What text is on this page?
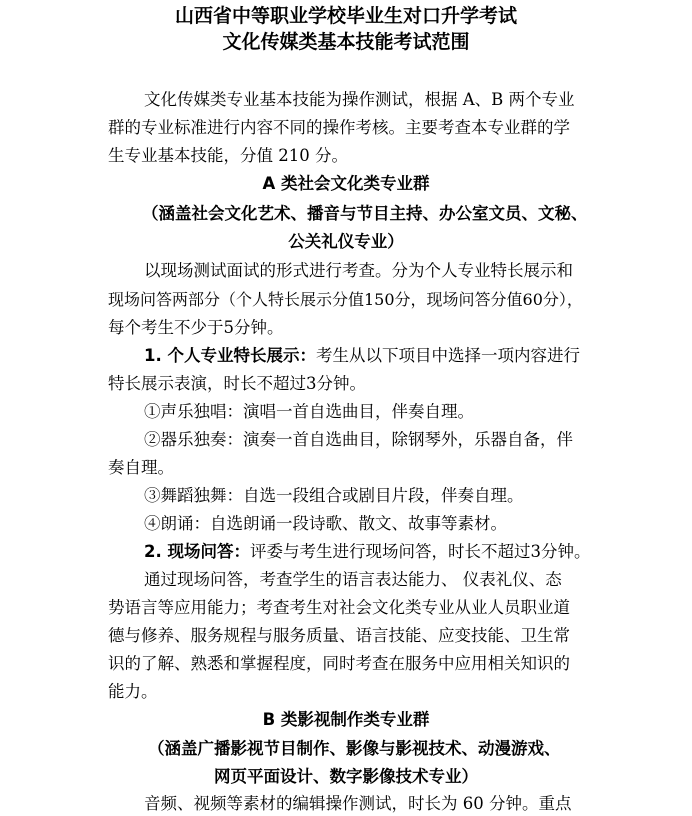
山西省中等职业学校毕业生对口升学考试
文化传媒类基本技能考试范围
文化传媒类专业基本技能为操作测试，根据 A、B 两个专业
群的专业标准进行内容不同的操作考核。主要考查本专业群的学
生专业基本技能，分值 210 分。
A 类社会文化类专业群
（涵盖社会文化艺术、播音与节目主持、办公室文员、文秘、
公关礼仪专业）
以现场测试面试的形式进行考查。分为个人专业特长展示和
现场问答两部分（个人特长展示分值150分，现场问答分值60分），
每个考生不少于5分钟。
1. 个人专业特长展示：考生从以下项目中选择一项内容进行
特长展示表演，时长不超过3分钟。
①声乐独唱：演唱一首自选曲目，伴奏自理。
②器乐独奏：演奏一首自选曲目，除钢琴外，乐器自备，伴
奏自理。
③舞蹈独舞：自选一段组合或剧目片段，伴奏自理。
④朗诵：自选朗诵一段诗歌、散文、故事等素材。
2. 现场问答：评委与考生进行现场问答，时长不超过3分钟。
通过现场问答，考查学生的语言表达能力、 仪表礼仪、态
势语言等应用能力；考查考生对社会文化类专业从业人员职业道
德与修养、服务规程与服务质量、语言技能、应变技能、卫生常
识的了解、熟悉和掌握程度，同时考查在服务中应用相关知识的
能力。
B 类影视制作类专业群
（涵盖广播影视节目制作、影像与影视技术、动漫游戏、
网页平面设计、数字影像技术专业）
音频、视频等素材的编辑操作测试，时长为 60 分钟。重点
